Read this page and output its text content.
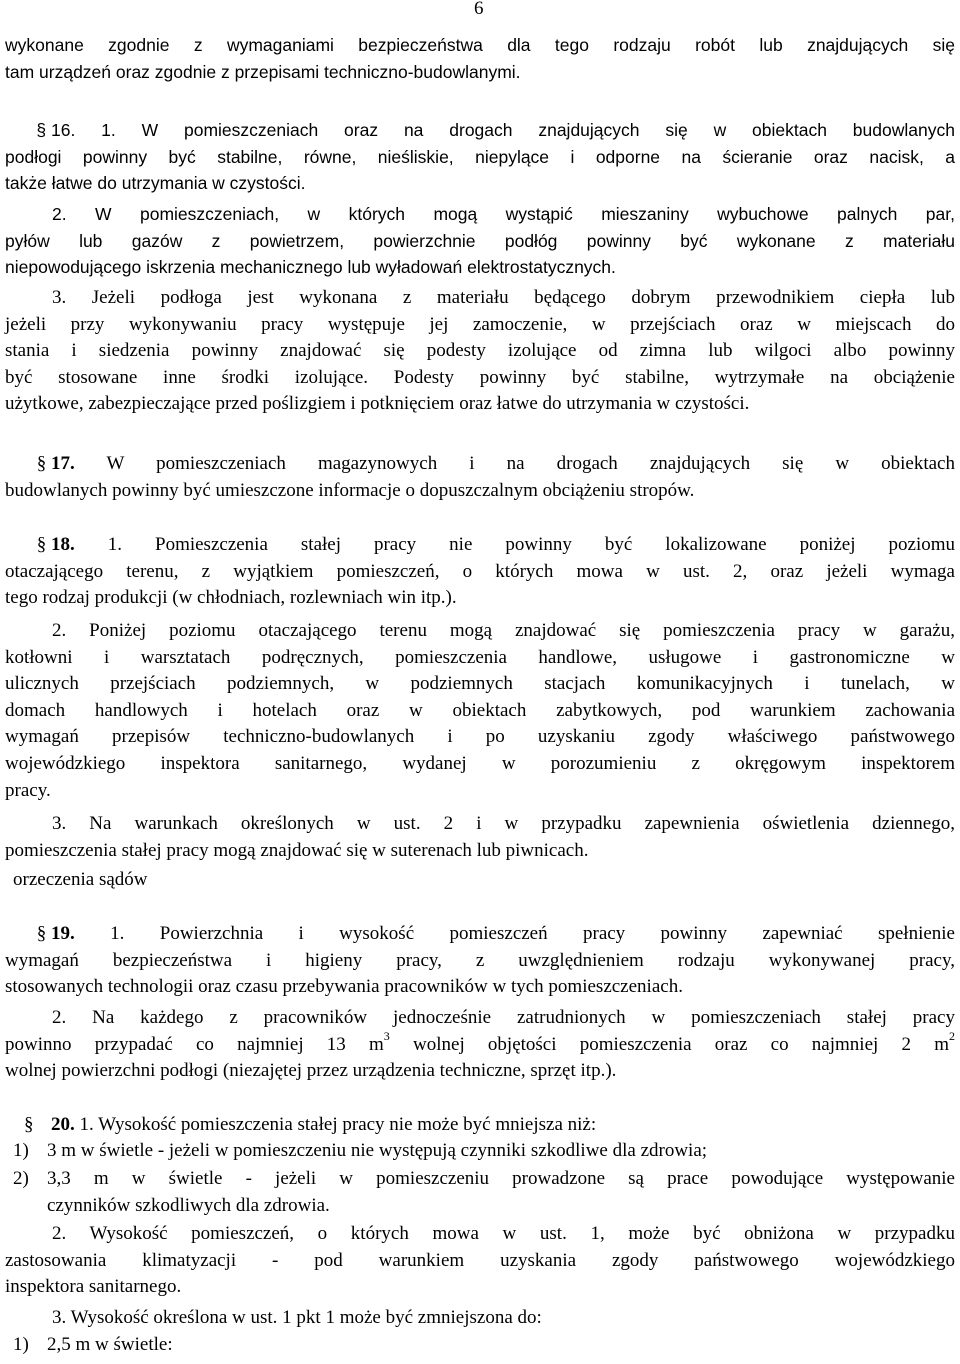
6

wykonane zgodnie z wymaganiami bezpieczeństwa dla tego rodzaju robót lub znajdujących się

tam urządzeń oraz zgodnie z przepisami techniczno-budowlanymi.

§ 16. 1. W pomieszczeniach oraz na drogach znajdujących się w obiektach budowlanych

podłogi powinny być stabilne, równe, nieśliskie, niepylące i odporne na ścieranie oraz nacisk, a

także łatwe do utrzymania w czystości.

2. W pomieszczeniach, w których mogą wystąpić mieszaniny wybuchowe palnych par,

pyłów lub gazów z powietrzem, powierzchnie podłóg powinny być wykonane z materiału

niepowodującego iskrzenia mechanicznego lub wyładowań elektrostatycznych.

3. Jeżeli podłoga jest wykonana z materiału będącego dobrym przewodnikiem ciepła lub

jeżeli przy wykonywaniu pracy występuje jej zamoczenie, w przejściach oraz w miejscach do

stania i siedzenia powinny znajdować się podesty izolujące od zimna lub wilgoci albo powinny

być stosowane inne środki izolujące. Podesty powinny być stabilne, wytrzymałe na obciążenie

użytkowe, zabezpieczające przed poślizgiem i potknięciem oraz łatwe do utrzymania w czystości.

§ 17. W pomieszczeniach magazynowych i na drogach znajdujących się w obiektach

budowlanych powinny być umieszczone informacje o dopuszczalnym obciążeniu stropów.

§ 18. 1. Pomieszczenia stałej pracy nie powinny być lokalizowane poniżej poziomu

otaczającego terenu, z wyjątkiem pomieszczeń, o których mowa w ust. 2, oraz jeżeli wymaga

tego rodzaj produkcji (w chłodniach, rozlewniach win itp.).

2. Poniżej poziomu otaczającego terenu mogą znajdować się pomieszczenia pracy w garażu,

kotłowni i warsztatach podręcznych, pomieszczenia handlowe, usługowe i gastronomiczne w

ulicznych przejściach podziemnych, w podziemnych stacjach komunikacyjnych i tunelach, w

domach handlowych i hotelach oraz w obiektach zabytkowych, pod warunkiem zachowania

wymagań przepisów techniczno-budowlanych i po uzyskaniu zgody właściwego państwowego

wojewódzkiego inspektora sanitarnego, wydanej w porozumieniu z okręgowym inspektorem

pracy.

3. Na warunkach określonych w ust. 2 i w przypadku zapewnienia oświetlenia dziennego,

pomieszczenia stałej pracy mogą znajdować się w suterenach lub piwnicach.

orzeczenia sądów

§ 19. 1. Powierzchnia i wysokość pomieszczeń pracy powinny zapewniać spełnienie

wymagań bezpieczeństwa i higieny pracy, z uwzględnieniem rodzaju wykonywanej pracy,

stosowanych technologii oraz czasu przebywania pracowników w tych pomieszczeniach.

2. Na każdego z pracowników jednocześnie zatrudnionych w pomieszczeniach stałej pracy

powinno przypadać co najmniej 13 $m^3$ wolnej objętości pomieszczenia oraz co najmniej 2 $m^2$

wolnej powierzchni podłogi (niezajętej przez urządzenia techniczne, sprzęt itp.).

§ 20. 1. Wysokość pomieszczenia stałej pracy nie może być mniejsza niż:

1) 3 m w świetle - jeżeli w pomieszczeniu nie występują czynniki szkodliwe dla zdrowia;
2) 3,3 m w świetle - jeżeli w pomieszczeniu prowadzone są prace powodujące występowanie
czynników szkodliwych dla zdrowia.

2. Wysokość pomieszczeń, o których mowa w ust. 1, może być obniżona w przypadku

zastosowania klimatyzacji - pod warunkiem uzyskania zgody państwowego wojewódzkiego

inspektora sanitarnego.

3. Wysokość określona w ust. 1 pkt 1 może być zmniejszona do:

1) 2,5 m w świetle:
